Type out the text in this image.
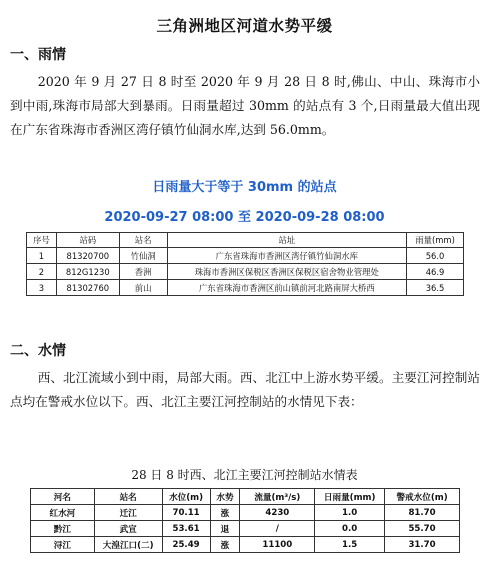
三角洲地区河道水势平缓
一、雨情

2020 年 9 月 27 日 8 时至 2020 年 9 月 28 日 8 时,佛山、中山、珠海市小到中雨,珠海市局部大到暴雨。日雨量超过 30mm 的站点有 3 个,日雨量最大值出现在广东省珠海市香洲区湾仔镇竹仙洞水库,达到 56.0mm。

日雨量大于等于 30mm 的站点
2020-09-27 08:00 至 2020-09-28 08:00
序号	站码	站名	站址	雨量(mm)
1	81320700	竹仙洞	广东省珠海市香洲区湾仔镇竹仙洞水库	56.0
2	812G1230	香洲	珠海市香洲区保税区香洲区保税区宿舍物业管理处	46.9
3	81302760	前山	广东省珠海市香洲区前山镇前河北路南屏大桥西	36.5
二、水情

西、北江流域小到中雨，局部大雨。西、北江中上游水势平缓。主要江河控制站点均在警戒水位以下。西、北江主要江河控制站的水情见下表：

28 日 8 时西、北江主要江河控制站水情表
河名	站名	水位(m)	水势	流量(m³/s)	日雨量(mm)	警戒水位(m)
红水河	迁江	70.11	涨	4230	1.0	81.70
黔江	武宣	53.61	退	/	0.0	55.70
浔江	大湟江口(二)	25.49	涨	11100	1.5	31.70
